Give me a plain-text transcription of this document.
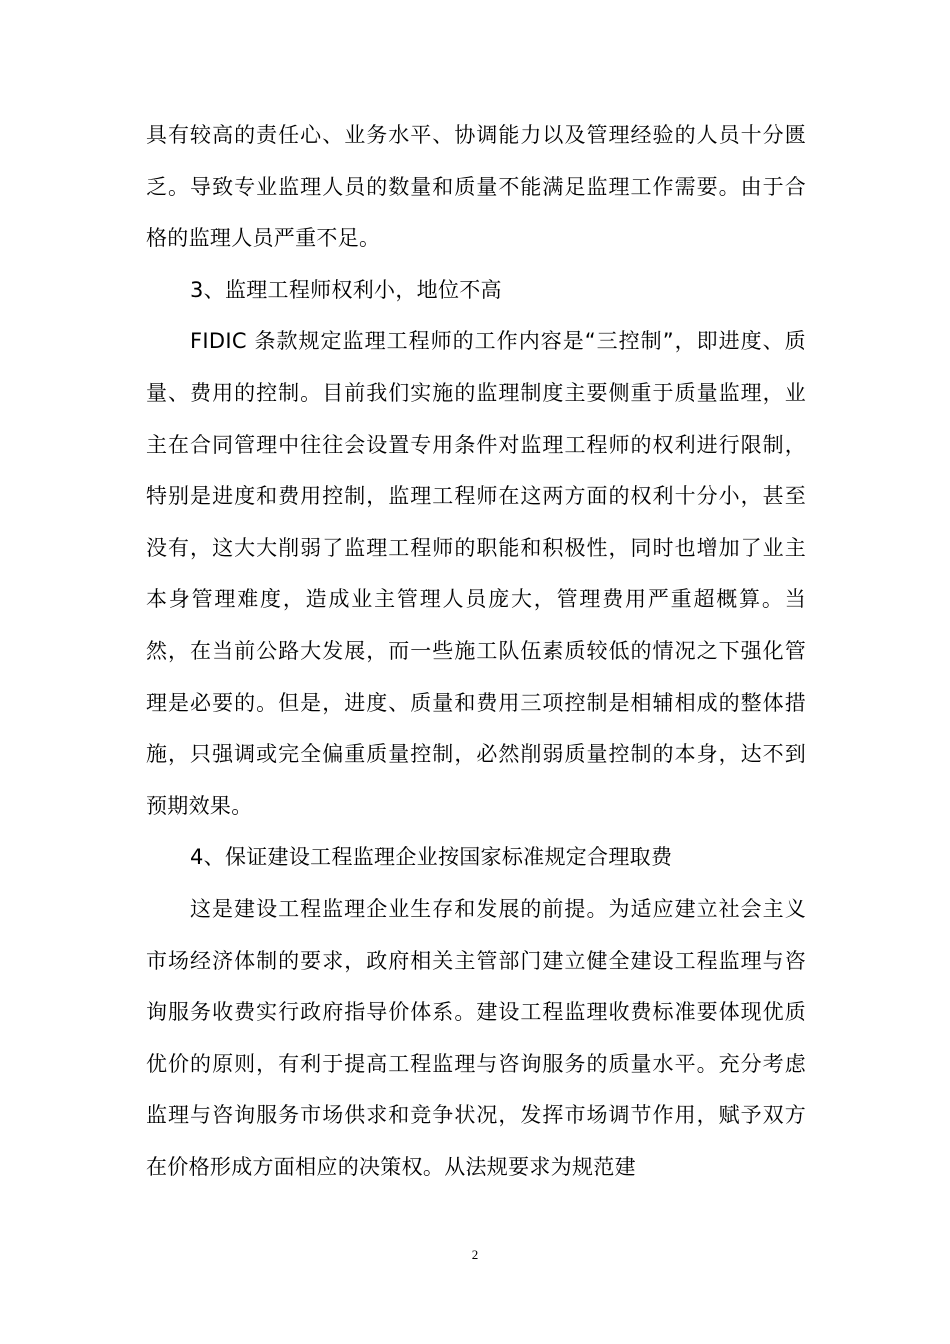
具有较高的责任心、业务水平、协调能力以及管理经验的人员十分匮乏。导致专业监理人员的数量和质量不能满足监理工作需要。由于合格的监理人员严重不足。

3、监理工程师权利小，地位不高

FIDIC 条款规定监理工程师的工作内容是“三控制”，即进度、质量、费用的控制。目前我们实施的监理制度主要侧重于质量监理，业主在合同管理中往往会设置专用条件对监理工程师的权利进行限制，特别是进度和费用控制，监理工程师在这两方面的权利十分小，甚至没有，这大大削弱了监理工程师的职能和积极性，同时也增加了业主本身管理难度，造成业主管理人员庞大，管理费用严重超概算。当然，在当前公路大发展，而一些施工队伍素质较低的情况之下强化管理是必要的。但是，进度、质量和费用三项控制是相辅相成的整体措施，只强调或完全偏重质量控制，必然削弱质量控制的本身，达不到预期效果。

4、保证建设工程监理企业按国家标准规定合理取费

这是建设工程监理企业生存和发展的前提。为适应建立社会主义市场经济体制的要求，政府相关主管部门建立健全建设工程监理与咨询服务收费实行政府指导价体系。建设工程监理收费标准要体现优质优价的原则，有利于提高工程监理与咨询服务的质量水平。充分考虑监理与咨询服务市场供求和竞争状况，发挥市场调节作用，赋予双方在价格形成方面相应的决策权。从法规要求为规范建

2
